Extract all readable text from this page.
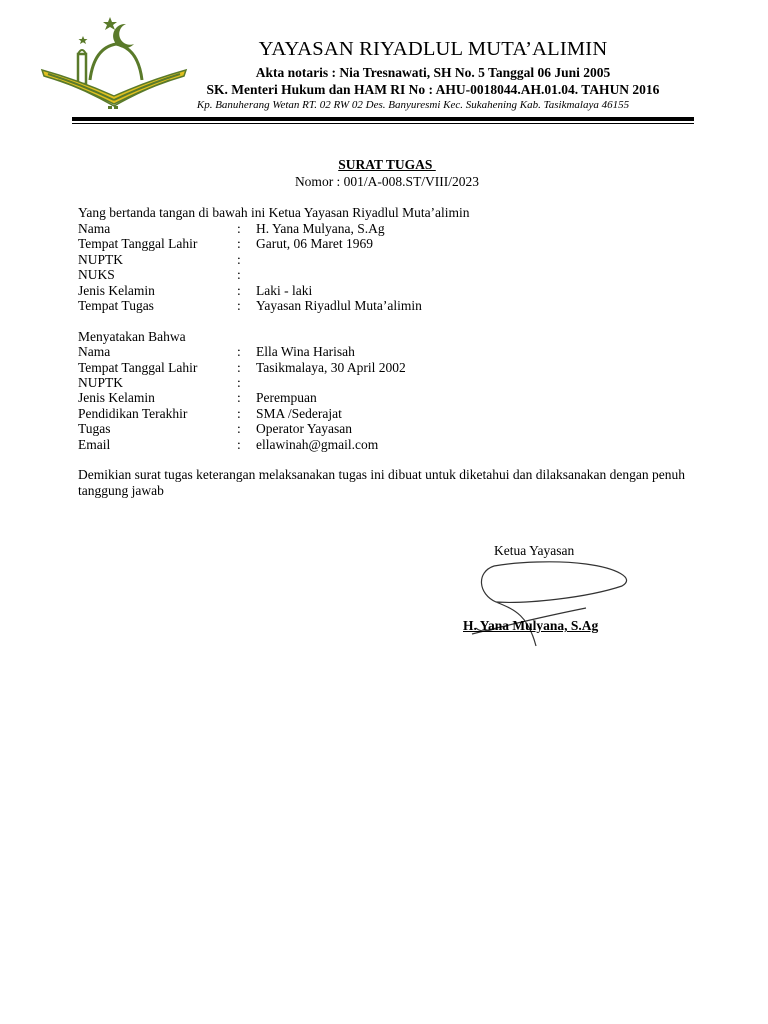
YAYASAN RIYADLUL MUTA’ALIMIN
Akta notaris : Nia Tresnawati, SH No. 5 Tanggal 06 Juni 2005
SK. Menteri Hukum dan HAM RI No : AHU-0018044.AH.01.04. TAHUN 2016
Kp. Banuherang Wetan RT. 02 RW 02 Des. Banyuresmi Kec. Sukahening Kab. Tasikmalaya 46155
SURAT TUGAS
Nomor : 001/A-008.ST/VIII/2023
Yang bertanda tangan di bawah ini Ketua Yayasan Riyadlul Muta’alimin
Nama	: H. Yana Mulyana, S.Ag
Tempat Tanggal Lahir	: Garut, 06 Maret 1969
NUPTK	:
NUKS	:
Jenis Kelamin	: Laki - laki
Tempat Tugas	: Yayasan Riyadlul Muta’alimin
Menyatakan Bahwa
Nama	: Ella Wina Harisah
Tempat Tanggal Lahir	: Tasikmalaya, 30 April 2002
NUPTK	:
Jenis Kelamin	: Perempuan
Pendidikan Terakhir	: SMA /Sederajat
Tugas	: Operator Yayasan
Email	: ellawinah@gmail.com
Demikian surat tugas keterangan melaksanakan tugas ini dibuat untuk diketahui dan dilaksanakan dengan penuh tanggung jawab
Ketua Yayasan
H. Yana Mulyana, S.Ag
